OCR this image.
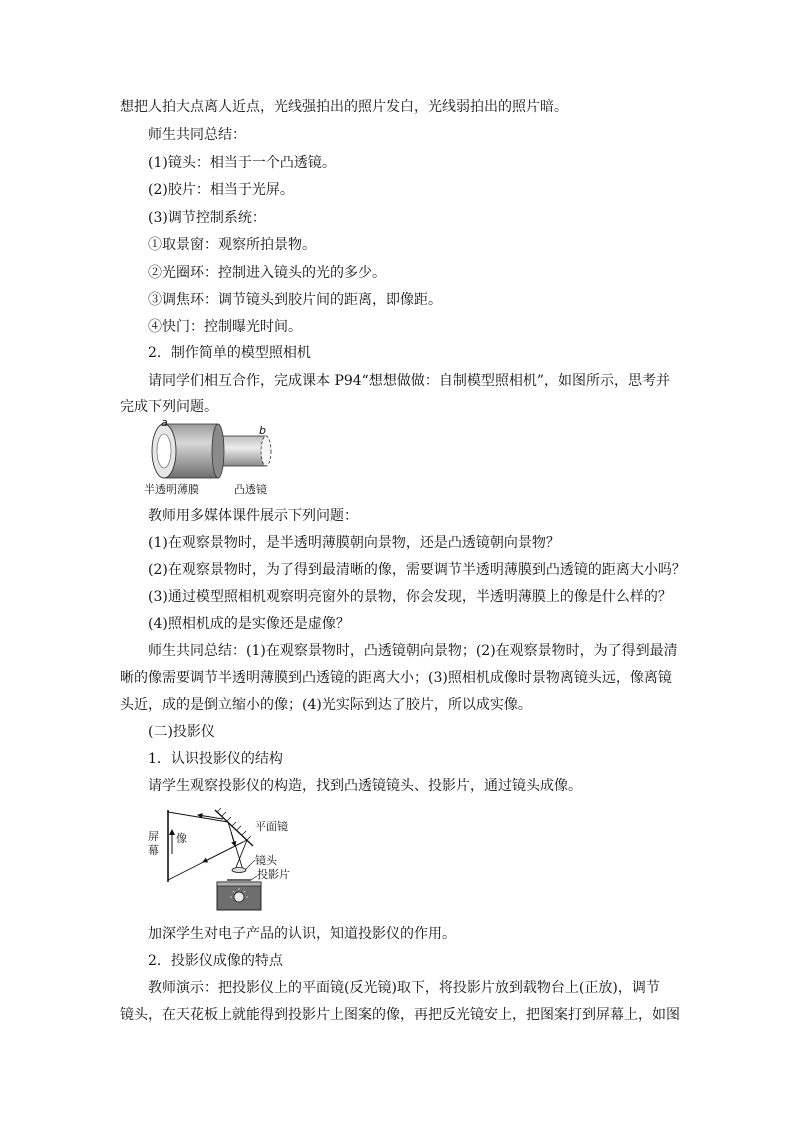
想把人拍大点离人近点，光线强拍出的照片发白，光线弱拍出的照片暗。
师生共同总结：
(1)镜头：相当于一个凸透镜。
(2)胶片：相当于光屏。
(3)调节控制系统：
①取景窗：观察所拍景物。
②光圈环：控制进入镜头的光的多少。
③调焦环：调节镜头到胶片间的距离，即像距。
④快门：控制曝光时间。
2．制作简单的模型照相机
请同学们相互合作，完成课本 P94“想想做做：自制模型照相机”，如图所示，思考并
完成下列问题。
a
b
半透明薄膜	凸透镜
教师用多媒体课件展示下列问题：
(1)在观察景物时，是半透明薄膜朝向景物，还是凸透镜朝向景物？
(2)在观察景物时，为了得到最清晰的像，需要调节半透明薄膜到凸透镜的距离大小吗？
(3)通过模型照相机观察明亮窗外的景物，你会发现，半透明薄膜上的像是什么样的？
(4)照相机成的是实像还是虚像？
师生共同总结：(1)在观察景物时，凸透镜朝向景物；(2)在观察景物时，为了得到最清
晰的像需要调节半透明薄膜到凸透镜的距离大小；(3)照相机成像时景物离镜头远，像离镜
头近，成的是倒立缩小的像；(4)光实际到达了胶片，所以成实像。
(二)投影仪
1．认识投影仪的结构
请学生观察投影仪的构造，找到凸透镜镜头、投影片，通过镜头成像。
屏
幕
像
平面镜
镜头
投影片
加深学生对电子产品的认识，知道投影仪的作用。
2．投影仪成像的特点
教师演示：把投影仪上的平面镜(反光镜)取下，将投影片放到载物台上(正放)，调节
镜头，在天花板上就能得到投影片上图案的像，再把反光镜安上，把图案打到屏幕上，如图
